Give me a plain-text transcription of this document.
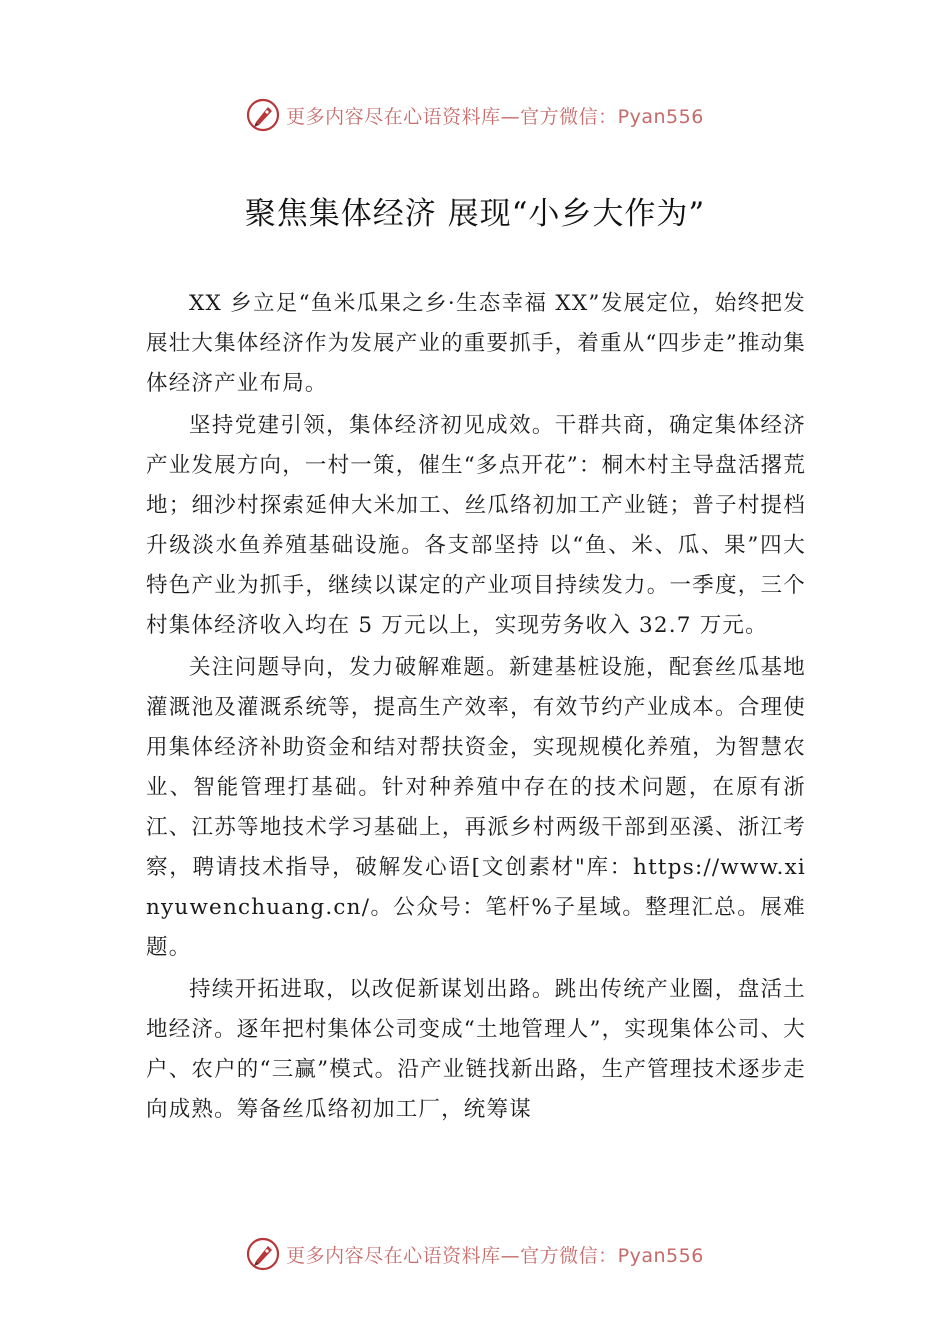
更多内容尽在心语资料库—官方微信：Pyan556
聚焦集体经济 展现“小乡大作为”

XX 乡立足“鱼米瓜果之乡·生态幸福 XX”发展定位，始终把发展壮大集体经济作为发展产业的重要抓手，着重从“四步走”推动集体经济产业布局。

坚持党建引领，集体经济初见成效。干群共商，确定集体经济产业发展方向，一村一策，催生“多点开花”：桐木村主导盘活撂荒地；细沙村探索延伸大米加工、丝瓜络初加工产业链；普子村提档升级淡水鱼养殖基础设施。各支部坚持 以“鱼、米、瓜、果”四大特色产业为抓手，继续以谋定的产业项目持续发力。一季度，三个村集体经济收入均在 5 万元以上，实现劳务收入 32.7 万元。

关注问题导向，发力破解难题。新建基桩设施，配套丝瓜基地灌溉池及灌溉系统等，提高生产效率，有效节约产业成本。合理使用集体经济补助资金和结对帮扶资金，实现规模化养殖，为智慧农业、智能管理打基础。针对种养殖中存在的技术问题，在原有浙江、江苏等地技术学习基础上，再派乡村两级干部到巫溪、浙江考察，聘请技术指导，破解发心语[文创素材"库：https://www.xinyuwenchuang.cn/。公众号：笔杆%子星域。整理汇总。展难题。

持续开拓进取，以改促新谋划出路。跳出传统产业圈，盘活土地经济。逐年把村集体公司变成“土地管理人”，实现集体公司、大户、农户的“三赢”模式。沿产业链找新出路，生产管理技术逐步走向成熟。筹备丝瓜络初加工厂，统筹谋

更多内容尽在心语资料库—官方微信：Pyan556
